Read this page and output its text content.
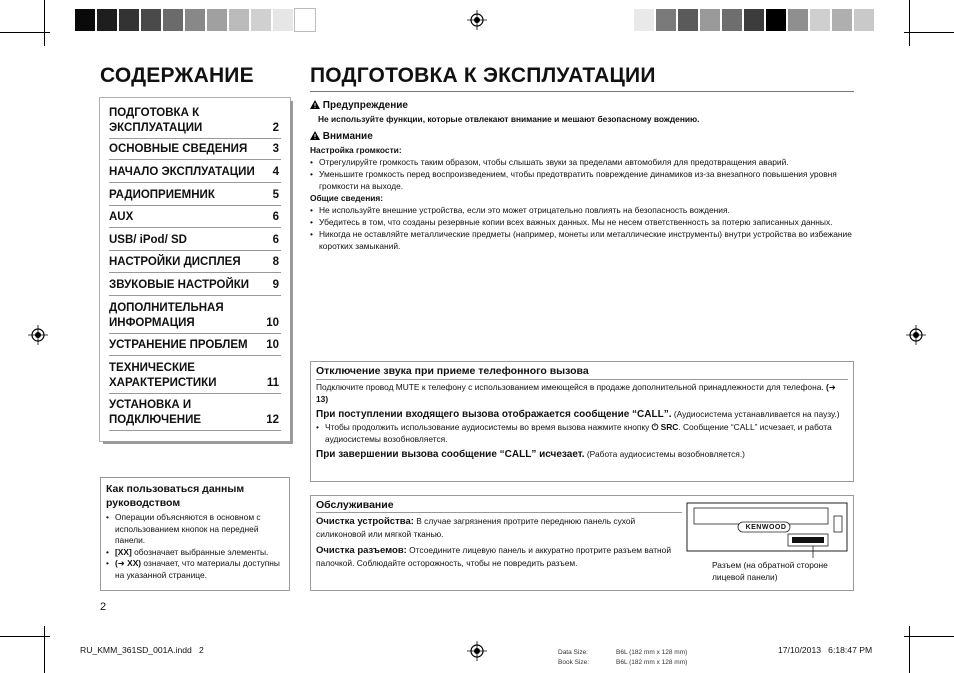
СОДЕРЖАНИЕ
ПОДГОТОВКА К ЭКСПЛУАТАЦИИ	2
ОСНОВНЫЕ СВЕДЕНИЯ 3
НАЧАЛО ЭКСПЛУАТАЦИИ 4
РАДИОПРИЕМНИК	5
AUX	6
USB/ iPod/ SD	6
НАСТРОЙКИ ДИСПЛЕЯ	8
ЗВУКОВЫЕ НАСТРОЙКИ 9
ДОПОЛНИТЕЛЬНАЯ ИНФОРМАЦИЯ	10
УСТРАНЕНИЕ ПРОБЛЕМ 10
ТЕХНИЧЕСКИЕ ХАРАКТЕРИСТИКИ	11
УСТАНОВКА И ПОДКЛЮЧЕНИЕ	12
Как пользоваться данным руководством
• Операции объясняются в основном с использованием кнопок на передней панели.
• [XX] обозначает выбранные элементы.
• (➜ XX) означает, что материалы доступны на указанной странице.
2
ПОДГОТОВКА К ЭКСПЛУАТАЦИИ
Предупреждение
Не используйте функции, которые отвлекают внимание и мешают безопасному вождению.
Внимание
Настройка громкости:
• Отрегулируйте громкость таким образом, чтобы слышать звуки за пределами автомобиля для предотвращения аварий.
• Уменьшите громкость перед воспроизведением, чтобы предотвратить повреждение динамиков из-за внезапного повышения уровня громкости на выходе.
Общие сведения:
• Не используйте внешние устройства, если это может отрицательно повлиять на безопасность вождения.
• Убедитесь в том, что созданы резервные копии всех важных данных. Мы не несем ответственность за потерю записанных данных.
• Никогда не оставляйте металлические предметы (например, монеты или металлические инструменты) внутри устройства во избежание коротких замыканий.
Отключение звука при приеме телефонного вызова
Подключите провод MUTE к телефону с использованием имеющейся в продаже дополнительной принадлежности для телефона. (➜ 13)
При поступлении входящего вызова отображается сообщение “CALL”. (Аудиосистема устанавливается на паузу.)
• Чтобы продолжить использование аудиосистемы во время вызова нажмите кнопку ⏻ SRC. Сообщение “CALL” исчезает, и работа аудиосистемы возобновляется.
При завершении вызова сообщение “CALL” исчезает. (Работа аудиосистемы возобновляется.)
Обслуживание
Очистка устройства: В случае загрязнения протрите переднюю панель сухой силиконовой или мягкой тканью.
Очистка разъемов: Отсоедините лицевую панель и аккуратно протрите разъем ватной палочкой. Соблюдайте осторожность, чтобы не повредить разъем.
KENWOOD
Разъем (на обратной стороне лицевой панели)
RU_KMM_361SD_001A.indd   2	Data Size:	B6L (182 mm x 128 mm)
Book Size:	B6L (182 mm x 128 mm)
17/10/2013   6:18:47 PM
